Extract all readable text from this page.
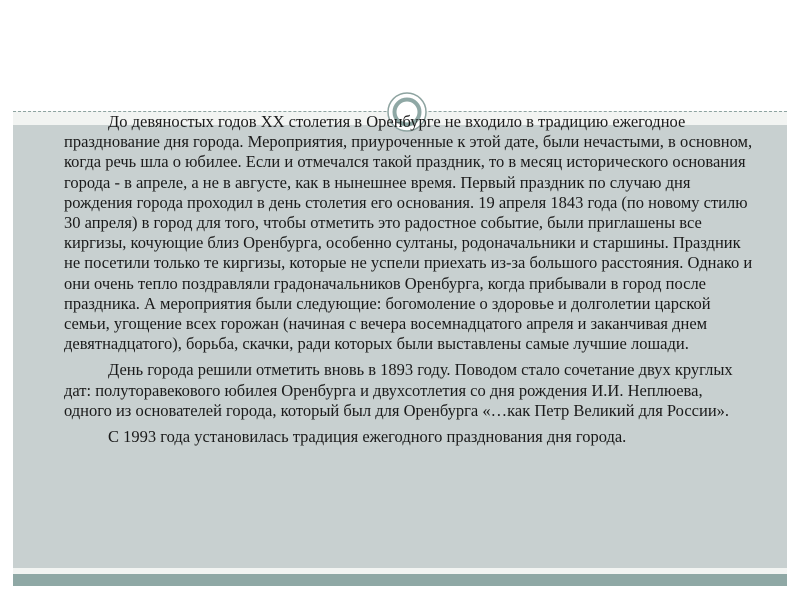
До девяностых годов XX столетия в Оренбурге не входило в традицию ежегодное празднование дня города. Мероприятия, приуроченные к этой дате, были нечастыми, в основном, когда речь шла о юбилее. Если и отмечался такой праздник, то в месяц исторического основания города - в апреле, а не в августе, как в нынешнее время. Первый праздник по случаю дня рождения города проходил в день столетия его основания. 19 апреля 1843 года (по новому стилю 30 апреля) в город для того, чтобы отметить это радостное событие, были приглашены все киргизы, кочующие близ Оренбурга, особенно султаны, родоначальники и старшины. Праздник не посетили только те киргизы, которые не успели приехать из-за большого расстояния. Однако и они очень тепло поздравляли градоначальников Оренбурга, когда прибывали в город после праздника. А мероприятия были следующие: богомоление о здоровье и долголетии царской семьи, угощение всех горожан (начиная с вечера восемнадцатого апреля и заканчивая днем девятнадцатого), борьба, скачки, ради которых были выставлены самые лучшие лошади.

День города решили отметить вновь в 1893 году. Поводом стало сочетание двух круглых дат: полуторавекового юбилея Оренбурга и двухсотлетия со дня рождения И.И. Неплюева, одного из основателей города, который был для Оренбурга «…как Петр Великий для России».

С 1993 года установилась традиция ежегодного празднования дня города.
